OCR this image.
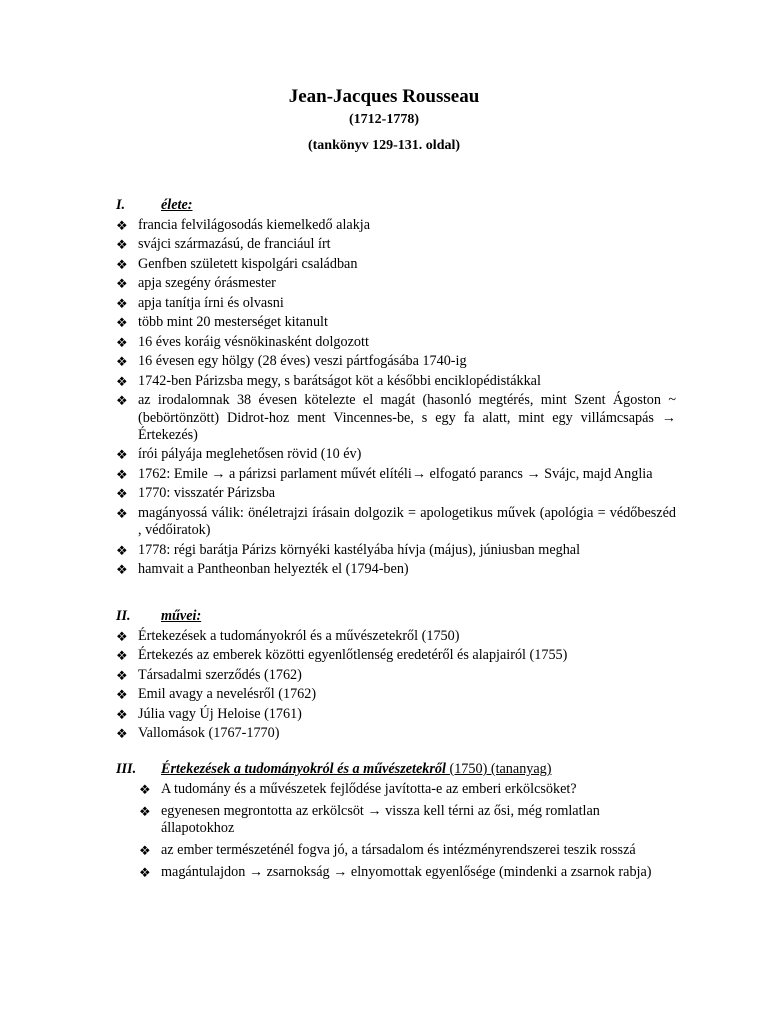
Jean-Jacques Rousseau
(1712-1778)
(tankönyv 129-131. oldal)
I.	élete:
❖ francia felvilágosodás kiemelkedő alakja
❖ svájci származású, de franciául írt
❖ Genfben született kispolgári családban
❖ apja szegény órásmester
❖ apja tanítja írni és olvasni
❖ több mint 20 mesterséget kitanult
❖ 16 éves koráig vésnökinasként dolgozott
❖ 16 évesen egy hölgy (28 éves) veszi pártfogásába 1740-ig
❖ 1742-ben Párizsba megy, s barátságot köt a későbbi enciklopédistákkal
❖ az irodalomnak 38 évesen kötelezte el magát (hasonló megtérés, mint Szent Ágoston ~ (bebörtönzött) Didrot-hoz ment Vincennes-be, s egy fa alatt, mint egy villámcsapás → Értekezés)
❖ írói pályája meglehetősen rövid (10 év)
❖ 1762: Emile → a párizsi parlament művét elítéli→ elfogató parancs → Svájc, majd Anglia
❖ 1770: visszatér Párizsba
❖ magányossá válik: önéletrajzi írásain dolgozik = apologetikus művek (apológia = védőbeszéd , védőiratok)
❖ 1778: régi barátja Párizs környéki kastélyába hívja (május), júniusban meghal
❖ hamvait a Pantheonban helyezték el (1794-ben)
II. művei:
❖ Értekezések a tudományokról és a művészetekről (1750)
❖ Értekezés az emberek közötti egyenlőtlenség eredetéről és alapjairól (1755)
❖ Társadalmi szerződés (1762)
❖ Emil avagy a nevelésről (1762)
❖ Júlia vagy Új Heloise (1761)
❖ Vallomások (1767-1770)
III. Értekezések a tudományokról és a művészetekről (1750) (tananyag)
❖ A tudomány és a művészetek fejlődése javította-e az emberi erkölcsöket?
❖ egyenesen megrontotta az erkölcsöt → vissza kell térni az ősi, még romlatlan állapotokhoz
❖ az ember természeténél fogva jó, a társadalom és intézményrendszerei teszik rosszá
❖ magántulajdon → zsarnokság → elnyomottak egyenlősége (mindenki a zsarnok rabja)
